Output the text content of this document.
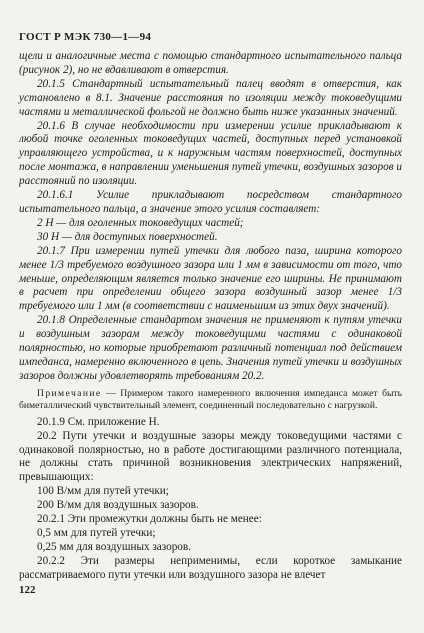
ГОСТ Р МЭК 730—1—94

щели и аналогичные места с помощью стандартного испытательного пальца (рисунок 2), но не вдавливают в отверстия.

20.1.5 Стандартный испытательный палец вводят в отверстия, как установлено в 8.1. Значение расстояния по изоляции между токоведущими частями и металлической фольгой не должно быть ниже указанных значений.

20.1.6 В случае необходимости при измерении усилие прикладывают к любой точке оголенных токоведущих частей, доступных перед установкой управляющего устройства, и к наружным частям поверхностей, доступных после монтажа, в направлении уменьшения путей утечки, воздушных зазоров и расстояний по изоляции.

20.1.6.1 Усилие прикладывают посредством стандартного испытательного пальца, а значение этого усилия составляет:

2 Н — для оголенных токоведущих частей;

30 Н — для доступных поверхностей.

20.1.7 При измерении путей утечки для любого паза, ширина которого менее 1/3 требуемого воздушного зазора или 1 мм в зависимости от того, что меньше, определяющим является только значение его ширины. Не принимают в расчет при определении общего зазора воздушный зазор менее 1/3 требуемого или 1 мм (в соответствии с наименьшим из этих двух значений).

20.1.8 Определенные стандартом значения не применяют к путям утечки и воздушным зазорам между токоведущими частями с одинаковой полярностью, но которые приобретают различный потенциал под действием импеданса, намеренно включенного в цепь. Значения путей утечки и воздушных зазоров должны удовлетворять требованиям 20.2.

Примечание — Примером такого намеренного включения импеданса может быть биметаллический чувствительный элемент, соединенный последовательно с нагрузкой.

20.1.9 См. приложение Н.

20.2 Пути утечки и воздушные зазоры между токоведущими частями с одинаковой полярностью, но в работе достигающими различного потенциала, не должны стать причиной возникновения электрических напряжений, превышающих:

100 В/мм для путей утечки;

200 В/мм для воздушных зазоров.

20.2.1 Эти промежутки должны быть не менее:

0,5 мм для путей утечки;

0,25 мм для воздушных зазоров.

20.2.2 Эти размеры неприменимы, если короткое замыкание рассматриваемого пути утечки или воздушного зазора не влечет

122
